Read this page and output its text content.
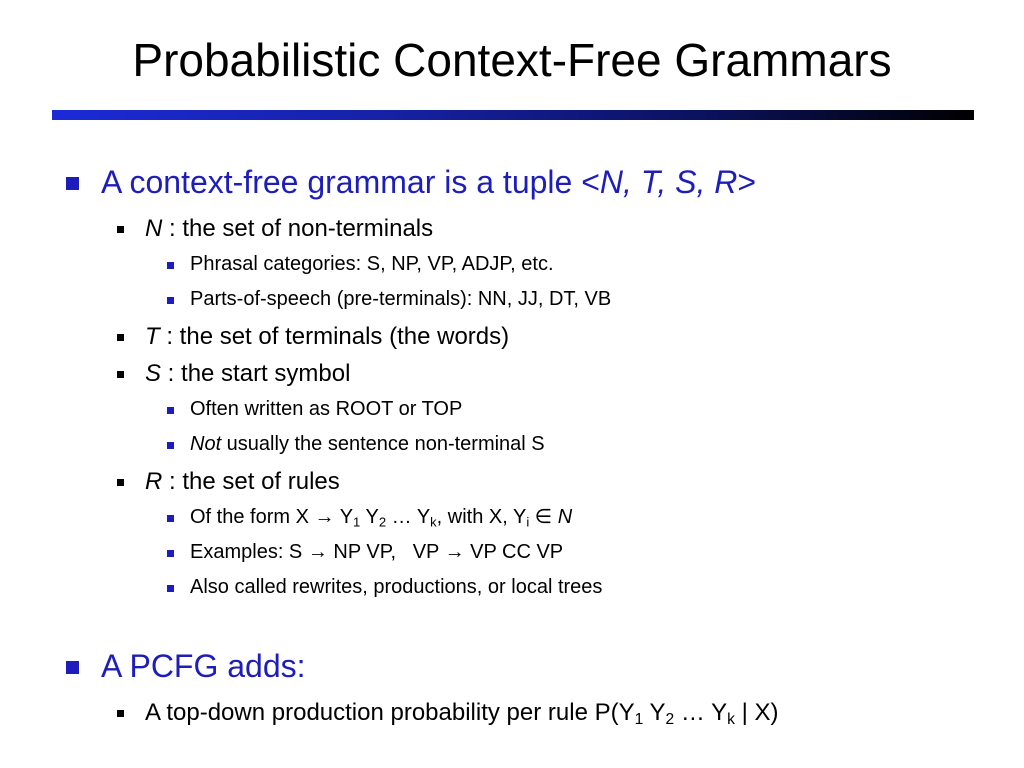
Probabilistic Context-Free Grammars
A context-free grammar is a tuple <N, T, S, R>
N : the set of non-terminals
Phrasal categories: S, NP, VP, ADJP, etc.
Parts-of-speech (pre-terminals): NN, JJ, DT, VB
T : the set of terminals (the words)
S : the start symbol
Often written as ROOT or TOP
Not usually the sentence non-terminal S
R : the set of rules
Of the form $X \to Y_1$ $Y_2$ … $Y_k$, with X, $Y_i$ ∈ N
Examples: S → NP VP,   VP → VP CC VP
Also called rewrites, productions, or local trees
A PCFG adds:
A top-down production probability per rule $P(Y_1$ $Y_2$ … $Y_k$ | X)
